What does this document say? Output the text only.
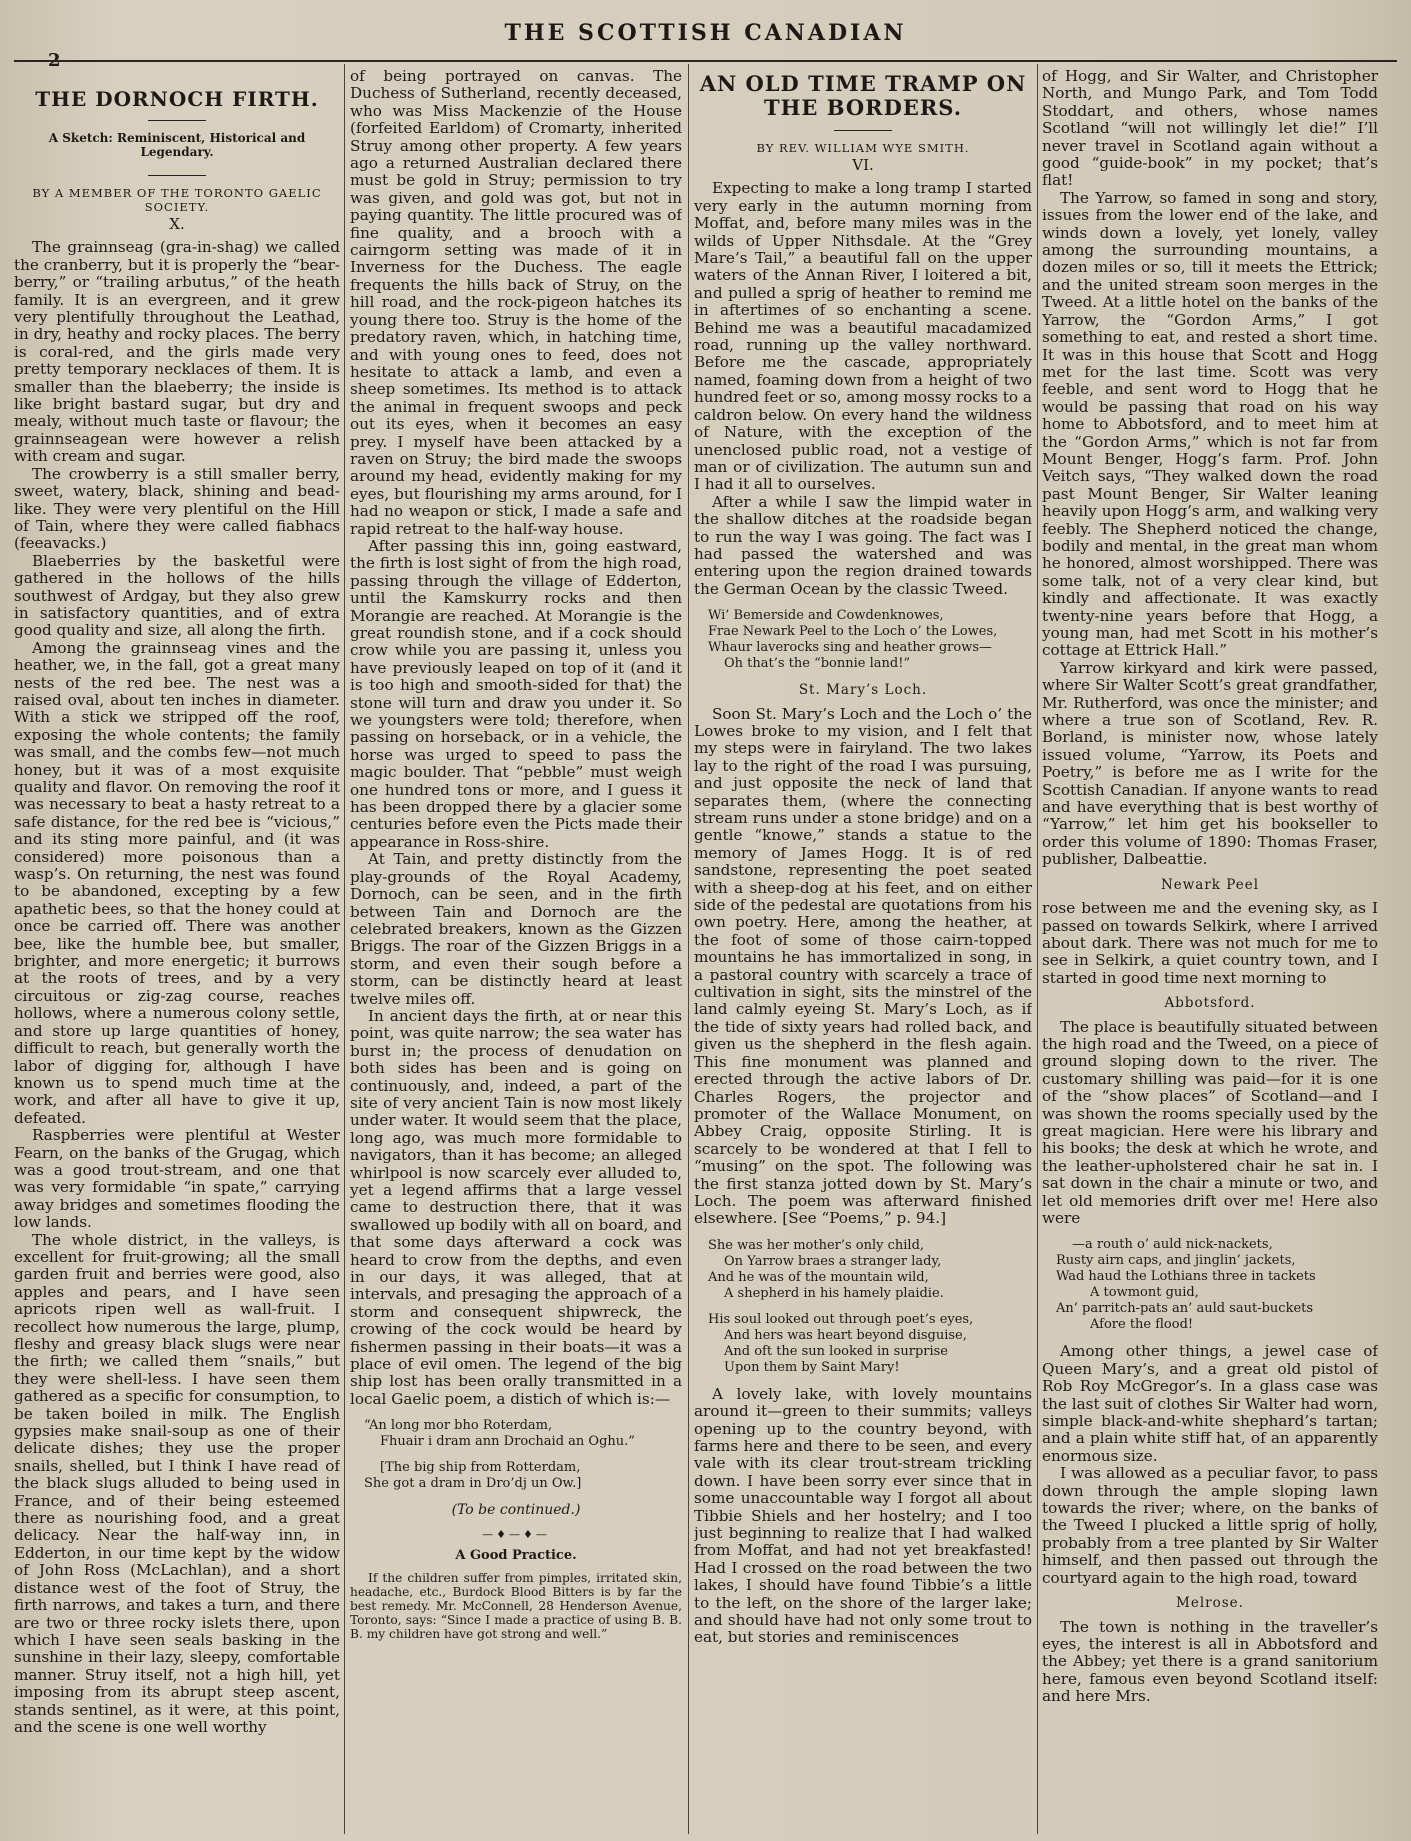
2
THE SCOTTISH CANADIAN
THE DORNOCH FIRTH.
A Sketch: Reminiscent, Historical and Legendary.
BY A MEMBER OF THE TORONTO GAELIC SOCIETY.
X.

The grainnseag (gra-in-shag) we called the cranberry, but it is properly the “bear-berry,” or “trailing arbutus,” of the heath family. It is an evergreen, and it grew very plentifully throughout the Leathad, in dry, heathy and rocky places. The berry is coral-red, and the girls made very pretty temporary necklaces of them. It is smaller than the blaeberry; the inside is like bright bastard sugar, but dry and mealy, without much taste or flavour; the grainnseagean were however a relish with cream and sugar.

The crowberry is a still smaller berry, sweet, watery, black, shining and bead-like. They were very plentiful on the Hill of Tain, where they were called fiabhacs (feeavacks.)

Blaeberries by the basketful were gathered in the hollows of the hills southwest of Ardgay, but they also grew in satisfactory quantities, and of extra good quality and size, all along the firth.

Among the grainnseag vines and the heather, we, in the fall, got a great many nests of the red bee. The nest was a raised oval, about ten inches in diameter. With a stick we stripped off the roof, exposing the whole contents; the family was small, and the combs few—not much honey, but it was of a most exquisite quality and flavor. On removing the roof it was necessary to beat a hasty retreat to a safe distance, for the red bee is “vicious,” and its sting more painful, and (it was considered) more poisonous than a wasp’s. On returning, the nest was found to be abandoned, excepting by a few apathetic bees, so that the honey could at once be carried off. There was another bee, like the humble bee, but smaller, brighter, and more energetic; it burrows at the roots of trees, and by a very circuitous or zig-zag course, reaches hollows, where a numerous colony settle, and store up large quantities of honey, difficult to reach, but generally worth the labor of digging for, although I have known us to spend much time at the work, and after all have to give it up, defeated.

Raspberries were plentiful at Wester Fearn, on the banks of the Grugag, which was a good trout-stream, and one that was very formidable “in spate,” carrying away bridges and sometimes flooding the low lands.

The whole district, in the valleys, is excellent for fruit-growing; all the small garden fruit and berries were good, also apples and pears, and I have seen apricots ripen well as wall-fruit. I recollect how numerous the large, plump, fleshy and greasy black slugs were near the firth; we called them “snails,” but they were shell-less. I have seen them gathered as a specific for consumption, to be taken boiled in milk. The English gypsies make snail-soup as one of their delicate dishes; they use the proper snails, shelled, but I think I have read of the black slugs alluded to being used in France, and of their being esteemed there as nourishing food, and a great delicacy. Near the half-way inn, in Edderton, in our time kept by the widow of John Ross (McLachlan), and a short distance west of the foot of Struy, the firth narrows, and takes a turn, and there are two or three rocky islets there, upon which I have seen seals basking in the sunshine in their lazy, sleepy, comfortable manner. Struy itself, not a high hill, yet imposing from its abrupt steep ascent, stands sentinel, as it were, at this point, and the scene is one well worthy

of being portrayed on canvas. The Duchess of Sutherland, recently deceased, who was Miss Mackenzie of the House (forfeited Earldom) of Cromarty, inherited Struy among other property. A few years ago a returned Australian declared there must be gold in Struy; permission to try was given, and gold was got, but not in paying quantity. The little procured was of fine quality, and a brooch with a cairngorm setting was made of it in Inverness for the Duchess. The eagle frequents the hills back of Struy, on the hill road, and the rock-pigeon hatches its young there too. Struy is the home of the predatory raven, which, in hatching time, and with young ones to feed, does not hesitate to attack a lamb, and even a sheep sometimes. Its method is to attack the animal in frequent swoops and peck out its eyes, when it becomes an easy prey. I myself have been attacked by a raven on Struy; the bird made the swoops around my head, evidently making for my eyes, but flourishing my arms around, for I had no weapon or stick, I made a safe and rapid retreat to the half-way house.

After passing this inn, going eastward, the firth is lost sight of from the high road, passing through the village of Edderton, until the Kamskurry rocks and then Morangie are reached. At Morangie is the great roundish stone, and if a cock should crow while you are passing it, unless you have previously leaped on top of it (and it is too high and smooth-sided for that) the stone will turn and draw you under it. So we youngsters were told; therefore, when passing on horseback, or in a vehicle, the horse was urged to speed to pass the magic boulder. That “pebble” must weigh one hundred tons or more, and I guess it has been dropped there by a glacier some centuries before even the Picts made their appearance in Ross-shire.

At Tain, and pretty distinctly from the play-grounds of the Royal Academy, Dornoch, can be seen, and in the firth between Tain and Dornoch are the celebrated breakers, known as the Gizzen Briggs. The roar of the Gizzen Briggs in a storm, and even their sough before a storm, can be distinctly heard at least twelve miles off.

In ancient days the firth, at or near this point, was quite narrow; the sea water has burst in; the process of denudation on both sides has been and is going on continuously, and, indeed, a part of the site of very ancient Tain is now most likely under water. It would seem that the place, long ago, was much more formidable to navigators, than it has become; an alleged whirlpool is now scarcely ever alluded to, yet a legend affirms that a large vessel came to destruction there, that it was swallowed up bodily with all on board, and that some days afterward a cock was heard to crow from the depths, and even in our days, it was alleged, that at intervals, and presaging the approach of a storm and consequent shipwreck, the crowing of the cock would be heard by fishermen passing in their boats—it was a place of evil omen. The legend of the big ship lost has been orally transmitted in a local Gaelic poem, a distich of which is:—

“An long mor bho Roterdam,
Fhuair i dram ann Drochaid an Oghu.”
[The big ship from Rotterdam,
She got a dram in Dro’dj un Ow.]
(To be continued.)
—♦—♦—
A Good Practice.

If the children suffer from pimples, irritated skin, headache, etc., Burdock Blood Bitters is by far the best remedy. Mr. McConnell, 28 Henderson Avenue, Toronto, says: “Since I made a practice of using B. B. B. my children have got strong and well.”

AN OLD TIME TRAMP ON THE BORDERS.
BY REV. WILLIAM WYE SMITH.
VI.

Expecting to make a long tramp I started very early in the autumn morning from Moffat, and, before many miles was in the wilds of Upper Nithsdale. At the “Grey Mare’s Tail,” a beautiful fall on the upper waters of the Annan River, I loitered a bit, and pulled a sprig of heather to remind me in aftertimes of so enchanting a scene. Behind me was a beautiful macadamized road, running up the valley northward. Before me the cascade, appropriately named, foaming down from a height of two hundred feet or so, among mossy rocks to a caldron below. On every hand the wildness of Nature, with the exception of the unenclosed public road, not a vestige of man or of civilization. The autumn sun and I had it all to ourselves.

After a while I saw the limpid water in the shallow ditches at the roadside began to run the way I was going. The fact was I had passed the watershed and was entering upon the region drained towards the German Ocean by the classic Tweed.

Wi’ Bemerside and Cowdenknowes,
Frae Newark Peel to the Loch o’ the Lowes,
Whaur laverocks sing and heather grows—
Oh that’s the “bonnie land!”
St. Mary’s Loch.

Soon St. Mary’s Loch and the Loch o’ the Lowes broke to my vision, and I felt that my steps were in fairyland. The two lakes lay to the right of the road I was pursuing, and just opposite the neck of land that separates them, (where the connecting stream runs under a stone bridge) and on a gentle “knowe,” stands a statue to the memory of James Hogg. It is of red sandstone, representing the poet seated with a sheep-dog at his feet, and on either side of the pedestal are quotations from his own poetry. Here, among the heather, at the foot of some of those cairn-topped mountains he has immortalized in song, in a pastoral country with scarcely a trace of cultivation in sight, sits the minstrel of the land calmly eyeing St. Mary’s Loch, as if the tide of sixty years had rolled back, and given us the shepherd in the flesh again. This fine monument was planned and erected through the active labors of Dr. Charles Rogers, the projector and promoter of the Wallace Monument, on Abbey Craig, opposite Stirling. It is scarcely to be wondered at that I fell to “musing” on the spot. The following was the first stanza jotted down by St. Mary’s Loch. The poem was afterward finished elsewhere. [See “Poems,” p. 94.]

She was her mother’s only child,
On Yarrow braes a stranger lady,
And he was of the mountain wild,
A shepherd in his hamely plaidie.
His soul looked out through poet’s eyes,
And hers was heart beyond disguise,
And oft the sun looked in surprise
Upon them by Saint Mary!

A lovely lake, with lovely mountains around it—green to their summits; valleys opening up to the country beyond, with farms here and there to be seen, and every vale with its clear trout-stream trickling down. I have been sorry ever since that in some unaccountable way I forgot all about Tibbie Shiels and her hostelry; and I too just beginning to realize that I had walked from Moffat, and had not yet breakfasted! Had I crossed on the road between the two lakes, I should have found Tibbie’s a little to the left, on the shore of the larger lake; and should have had not only some trout to eat, but stories and reminiscences

of Hogg, and Sir Walter, and Christopher North, and Mungo Park, and Tom Todd Stoddart, and others, whose names Scotland “will not willingly let die!” I’ll never travel in Scotland again without a good “guide-book” in my pocket; that’s flat!

The Yarrow, so famed in song and story, issues from the lower end of the lake, and winds down a lovely, yet lonely, valley among the surrounding mountains, a dozen miles or so, till it meets the Ettrick; and the united stream soon merges in the Tweed. At a little hotel on the banks of the Yarrow, the “Gordon Arms,” I got something to eat, and rested a short time. It was in this house that Scott and Hogg met for the last time. Scott was very feeble, and sent word to Hogg that he would be passing that road on his way home to Abbotsford, and to meet him at the “Gordon Arms,” which is not far from Mount Benger, Hogg’s farm. Prof. John Veitch says, “They walked down the road past Mount Benger, Sir Walter leaning heavily upon Hogg’s arm, and walking very feebly. The Shepherd noticed the change, bodily and mental, in the great man whom he honored, almost worshipped. There was some talk, not of a very clear kind, but kindly and affectionate. It was exactly twenty-nine years before that Hogg, a young man, had met Scott in his mother’s cottage at Ettrick Hall.”

Yarrow kirkyard and kirk were passed, where Sir Walter Scott’s great grandfather, Mr. Rutherford, was once the minister; and where a true son of Scotland, Rev. R. Borland, is minister now, whose lately issued volume, “Yarrow, its Poets and Poetry,” is before me as I write for the Scottish Canadian. If anyone wants to read and have everything that is best worthy of “Yarrow,” let him get his bookseller to order this volume of 1890: Thomas Fraser, publisher, Dalbeattie.

Newark Peel

rose between me and the evening sky, as I passed on towards Selkirk, where I arrived about dark. There was not much for me to see in Selkirk, a quiet country town, and I started in good time next morning to

Abbotsford.

The place is beautifully situated between the high road and the Tweed, on a piece of ground sloping down to the river. The customary shilling was paid—for it is one of the “show places” of Scotland—and I was shown the rooms specially used by the great magician. Here were his library and his books; the desk at which he wrote, and the leather-upholstered chair he sat in. I sat down in the chair a minute or two, and let old memories drift over me! Here also were

—a routh o’ auld nick-nackets,
Rusty airn caps, and jinglin’ jackets,
Wad haud the Lothians three in tackets
A towmont guid,
An’ parritch-pats an’ auld saut-buckets
Afore the flood!

Among other things, a jewel case of Queen Mary’s, and a great old pistol of Rob Roy McGregor’s. In a glass case was the last suit of clothes Sir Walter had worn, simple black-and-white shephard’s tartan; and a plain white stiff hat, of an apparently enormous size.

I was allowed as a peculiar favor, to pass down through the ample sloping lawn towards the river; where, on the banks of the Tweed I plucked a little sprig of holly, probably from a tree planted by Sir Walter himself, and then passed out through the courtyard again to the high road, toward

Melrose.

The town is nothing in the traveller’s eyes, the interest is all in Abbotsford and the Abbey; yet there is a grand sanitorium here, famous even beyond Scotland itself: and here Mrs.
